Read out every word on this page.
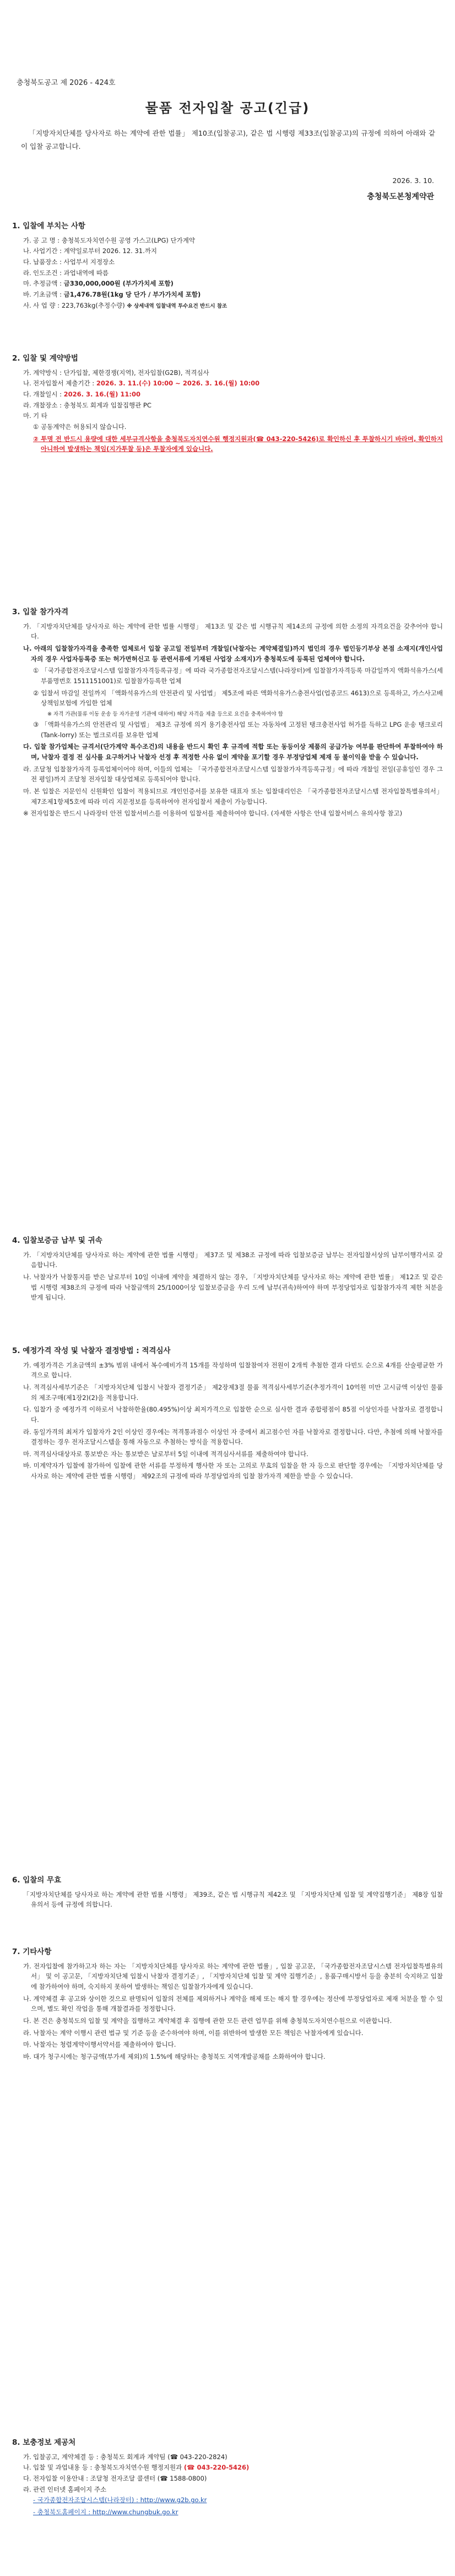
충청북도공고 제 2026 - 424호
물품 전자입찰 공고(긴급)
「지방자치단체를 당사자로 하는 계약에 관한 법률」 제10조(입찰공고), 같은 법 시행령 제33조(입찰공고)의 규정에 의하여 아래와 같이 입찰 공고합니다.
2026. 3. 10.
충청북도본청계약관
1. 입찰에 부치는 사항
가. 공 고 명 : 충청북도자치연수원 공영 가스고(LPG) 단가계약
나. 사업기간 : 계약일로부터 2026. 12. 31.까지
다. 납품장소 : 사업부서 지정장소
라. 인도조건 : 과업내역에 따름
마. 추정금액 : 금330,000,000원 (부가가치세 포함)
바. 기초금액 : 금1,476.78원(1kg 당 단가 / 부가가치세 포함)
사. 사 업 량 : 223,763kg(추정수량) ※ 상세내역 입찰내역 투수요건 반드시 참조
2. 입찰 및 계약방법
가. 계약방식 : 단가입찰, 제한경쟁(지역), 전자입찰(G2B), 적격심사
나. 전자입찰서 제출기간 : 2026. 3. 11.(수) 10:00 ~ 2026. 3. 16.(월) 10:00
다. 개찰일시 : 2026. 3. 16.(월) 11:00
라. 개찰장소 : 충청북도 회계과 입찰집행관 PC
마. 기 타
① 공동계약은 허용되지 않습니다.
② 투명 전 반드시 용량에 대한 세부규격사항을 충청북도자치연수원 행정지원과(☎ 043-220-5426)로 확인하신 후 투찰하시기 바라며, 확인하지 아니하여 발생하는 책임(지가투찰 등)은 투찰자에게 있습니다.
3. 입찰 참가자격
가. 「지방자치단체를 당사자로 하는 계약에 관한 법률 시행령」 제13조 및 같은 법 시행규칙 제14조의 규정에 의한 소정의 자격요건을 갖추어야 합니다.
나. 아래의 입찰참가자격을 충족한 업체로서 입찰 공고일 전일부터 개찰일(낙찰자는 계약체결일)까지 법인의 경우 법인등기부상 본점 소재지(개인사업자의 경우 사업자등록증 또는 허가면허신고 등 관련서류에 기재된 사업장 소재지)가 충청북도에 등록된 업체여야 합니다.
① 「국가종합전자조달시스템 입찰참가자격등록규정」에 따라 국가종합전자조달시스템(나라장터)에 입찰참가자격등록 마감일까지 액화석유가스(세부품명번호 1511151001)로 입찰참가등록한 업체
② 입찰서 마감일 전일까지 「액화석유가스의 안전관리 및 사업법」 제5조에 따른 액화석유가스충전사업(업종코드 4613)으로 등록하고, 가스사고배상책임보험에 가입한 업체
※ 자격 가관(물류 이동 운송 등 자가운영 기관에 대하여) 해당 자격을 제출 등으로 요건을 충족하여야 합
③ 「액화석유가스의 안전관리 및 사업법」 제3조 규정에 의거 용기충전사업 또는 자동차에 고정된 탱크충전사업 허가를 득하고 LPG 운송 탱크로리(Tank-lorry) 또는 벌크로리를 보유한 업체
다. 입찰 참가업체는 규격서(단가계약 특수조건)의 내용을 반드시 확인 후 규격에 적합 또는 동등이상 제품의 공급가능 여부를 판단하여 투찰하여야 하며, 낙찰자 결정 전 심사를 요구하거나 낙찰자 선정 후 적정한 사유 없이 계약을 포기할 경우 부정당업체 제재 등 불이익을 받을 수 있습니다.
라. 조달청 입찰참가자격 등록업체이어야 하며, 이들의 업체는 「국가종합전자조달시스템 입찰참가자격등록규정」에 따라 개찰일 전일(공휴일인 경우 그 전 평일)까지 조달청 전자입찰 대상업체로 등록되어야 합니다.
마. 본 입찰은 지문인식 신원확인 입찰이 적용되므로 개인인증서를 보유한 대표자 또는 입찰대리인은 「국가종합전자조달시스템 전자입찰특별유의서」 제7조제1항제5호에 따라 미리 지문정보를 등록하여야 전자입찰서 제출이 가능합니다.
※ 전자입찰은 반드시 나라장터 안전 입찰서비스를 이용하여 입찰서를 제출하여야 합니다. (자세한 사항은 안내 입찰서비스 유의사항 참고)
4. 입찰보증금 납부 및 귀속
가. 「지방자치단체를 당사자로 하는 계약에 관한 법률 시행령」 제37조 및 제38조 규정에 따라 입찰보증금 납부는 전자입찰서상의 납부이행각서로 갈음합니다.
나. 낙찰자가 낙찰통지를 받은 날로부터 10일 이내에 계약을 체결하지 않는 경우, 「지방자치단체를 당사자로 하는 계약에 관한 법률」 제12조 및 같은 법 시행령 제38조의 규정에 따라 낙찰금액의 25/1000이상 입찰보증금을 우리 도에 납부(귀속)하여야 하며 부정당업자로 입찰참가자격 제한 처분을 받게 됩니다.
5. 예정가격 작성 및 낙찰자 결정방법 : 적격심사
가. 예정가격은 기초금액의 ±3% 범위 내에서 복수예비가격 15개를 작성하며 입찰참여자 전원이 2개씩 추첨한 결과 다빈도 순으로 4개를 산술평균한 가격으로 합니다.
나. 적격심사세부기준은 「지방자치단체 입찰시 낙찰자 결정기준」 제2장제3절 물품 적격심사세부기준(추정가격이 10억원 미만 고시금액 이상인 물품의 제조구매(제1장2)(2)을 적용합니다.
다. 입찰가 중 예정가격 이하로서 낙찰하한율(80.495%)이상 최저가격으로 입찰한 순으로 심사한 결과 종합평점이 85점 이상인자를 낙찰자로 결정합니다.
라. 동일가격의 최저가 입찰자가 2인 이상인 경우에는 적격통과점수 이상인 자 중에서 최고점수인 자를 낙찰자로 결정합니다. 다만, 추첨에 의해 낙찰자를 결정하는 경우 전자조달시스템을 통해 자동으로 추첨하는 방식을 적용합니다.
마. 적격심사대상자로 통보받은 자는 통보받은 날로부터 5일 이내에 적격심사서류를 제출하여야 합니다.
바. 미계약자가 입찰에 참가하여 입찰에 관한 서류를 부정하게 행사한 자 또는 고의로 무효의 입찰을 한 자 등으로 판단할 경우에는 「지방자치단체를 당사자로 하는 계약에 관한 법률 시행령」 제92조의 규정에 따라 부정당업자의 입찰 참가자격 제한을 받을 수 있습니다.
6. 입찰의 무효
「지방자치단체를 당사자로 하는 계약에 관한 법률 시행령」 제39조, 같은 법 시행규칙 제42조 및 「지방자치단체 입찰 및 계약집행기준」 제8장 입찰유의서 등에 규정에 의합니다.
7. 기타사항
가. 전자입찰에 참가하고자 하는 자는 「지방자치단체를 당사자로 하는 계약에 관한 법률」, 입찰 공고문, 「국가종합전자조달시스템 전자입찰특별유의서」 및 이 공고문, 「지방자치단체 입찰시 낙찰자 결정기준」, 「지방자치단체 입찰 및 계약 집행기준」, 용품구매시방서 등을 충분히 숙지하고 입찰에 참가하여야 하며, 숙지하지 못하여 발생하는 책임은 입찰참가자에게 있습니다.
나. 계약체결 후 공고와 상이한 것으로 판명되어 입찰의 전체를 제외하거나 계약을 해제 또는 해지 할 경우에는 정산에 부정당업자로 제재 처분을 할 수 있으며, 별도 확인 작업을 통해 개찰결과를 정정합니다.
다. 본 건은 충청북도의 입찰 및 계약을 집행하고 계약체결 후 집행에 관한 모든 관련 업무를 위해 충청북도자치연수원으로 이관합니다.
라. 낙찰자는 계약 이행시 관련 법규 및 기준 등을 준수하여야 하며, 이를 위반하여 발생한 모든 책임은 낙찰자에게 있습니다.
마. 낙찰자는 청렴계약이행서약서를 제출하여야 합니다.
바. 대가 청구시에는 청구금액(부가세 제외)의 1.5%에 해당하는 충청북도 지역개발공채를 소화하여야 합니다.
8. 보충정보 제공처
가. 입찰공고, 계약체결 등 : 충청북도 회계과 계약팀 (☎ 043-220-2824)
나. 입찰 및 과업내용 등 : 충청북도자치연수원 행정지원과 (☎ 043-220-5426)
다. 전자입찰 이용안내 : 조달청 전자조달 콜센터 (☎ 1588-0800)
라. 관련 인터넷 홈페이지 주소
- 국가종합전자조달시스템(나라장터) : http://www.g2b.go.kr
- 충청북도홈페이지 : http://www.chungbuk.go.kr
